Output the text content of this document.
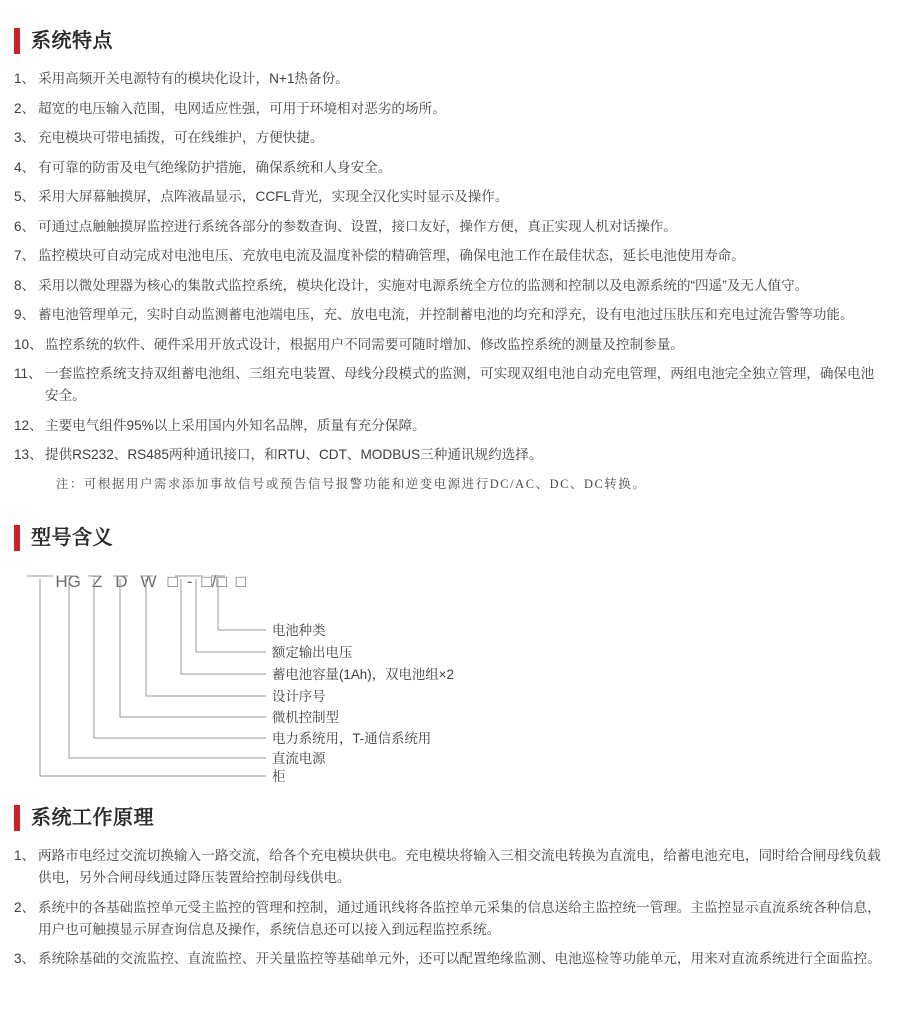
系统特点
1、 采用高频开关电源特有的模块化设计，N+1热备份。
2、 超宽的电压输入范围，电网适应性强，可用于环境相对恶劣的场所。
3、 充电模块可带电插拨，可在线维护，方便快捷。
4、 有可靠的防雷及电气绝缘防护措施，确保系统和人身安全。
5、 采用大屏幕触摸屏，点阵液晶显示，CCFL背光，实现全汉化实时显示及操作。
6、 可通过点触触摸屏监控进行系统各部分的参数查询、设置，接口友好，操作方便，真正实现人机对话操作。
7、 监控模块可自动完成对电池电压、充放电电流及温度补偿的精确管理，确保电池工作在最佳状态，延长电池使用寿命。
8、 采用以微处理器为核心的集散式监控系统，模块化设计，实施对电源系统全方位的监测和控制以及电源系统的“四遥”及无人值守。
9、 蓄电池管理单元，实时自动监测蓄电池端电压，充、放电电流，并控制蓄电池的均充和浮充，设有电池过压肤压和充电过流告警等功能。
10、 监控系统的软件、硬件采用开放式设计，根据用户不同需要可随时增加、修改监控系统的测量及控制参量。
11、 一套监控系统支持双组蓄电池组、三组充电装置、母线分段模式的监测，可实现双组电池自动充电管理，两组电池完全独立管理，确保电池安全。
12、 主要电气组件95%以上采用国内外知名品牌，质量有充分保障。
13、 提供RS232、RS485两种通讯接口，和RTU、CDT、MODBUS三种通讯规约选择。
注：可根据用户需求添加事故信号或预告信号报警功能和逆变电源进行DC/AC、DC、DC转换。
型号含义

HG Z D W □ - □/□ □

电池种类
额定输出电压
蓄电池容量(1Ah)，双电池组×2
设计序号
微机控制型
电力系统用，T-通信系统用
直流电源
柜
系统工作原理
1、 两路市电经过交流切换输入一路交流，给各个充电模块供电。充电模块将输入三相交流电转换为直流电，给蓄电池充电，同时给合闸母线负载供电，另外合闸母线通过降压装置给控制母线供电。
2、 系统中的各基础监控单元受主监控的管理和控制，通过通讯线将各监控单元采集的信息送给主监控统一管理。主监控显示直流系统各种信息，用户也可触摸显示屏查询信息及操作，系统信息还可以接入到远程监控系统。
3、 系统除基础的交流监控、直流监控、开关量监控等基础单元外，还可以配置绝缘监测、电池巡检等功能单元，用来对直流系统进行全面监控。
